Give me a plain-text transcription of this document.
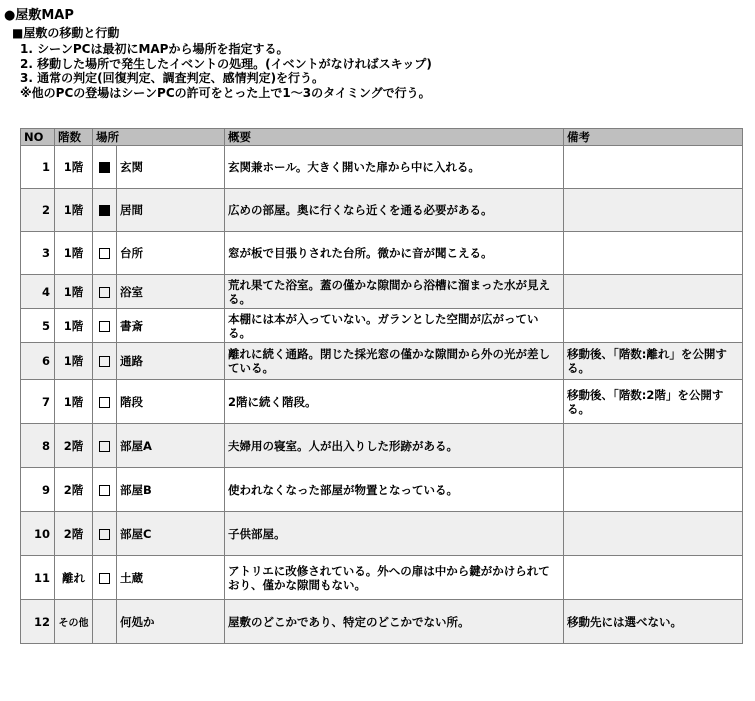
●屋敷MAP
■屋敷の移動と行動
1. シーンPCは最初にMAPから場所を指定する。
2. 移動した場所で発生したイベントの処理。(イベントがなければスキップ)
3. 通常の判定(回復判定、調査判定、感情判定)を行う。
※他のPCの登場はシーンPCの許可をとった上で1～3のタイミングで行う。
NO	階数	場所		概要	備考
1	1階		玄関	玄関兼ホール。大きく開いた扉から中に入れる。	
2	1階		居間	広めの部屋。奥に行くなら近くを通る必要がある。	
3	1階		台所	窓が板で目張りされた台所。微かに音が聞こえる。	
4	1階		浴室	荒れ果てた浴室。蓋の僅かな隙間から浴槽に溜まった水が見える。	
5	1階		書斎	本棚には本が入っていない。ガランとした空間が広がっている。	
6	1階		通路	離れに続く通路。閉じた採光窓の僅かな隙間から外の光が差している。	移動後、「階数:離れ」を公開する。
7	1階		階段	2階に続く階段。	移動後、「階数:2階」を公開する。
8	2階		部屋A	夫婦用の寝室。人が出入りした形跡がある。	
9	2階		部屋B	使われなくなった部屋が物置となっている。	
10	2階		部屋C	子供部屋。	
11	離れ		土蔵	アトリエに改修されている。外への扉は中から鍵がかけられており、僅かな隙間もない。	
12	その他		何処か	屋敷のどこかであり、特定のどこかでない所。	移動先には選べない。
